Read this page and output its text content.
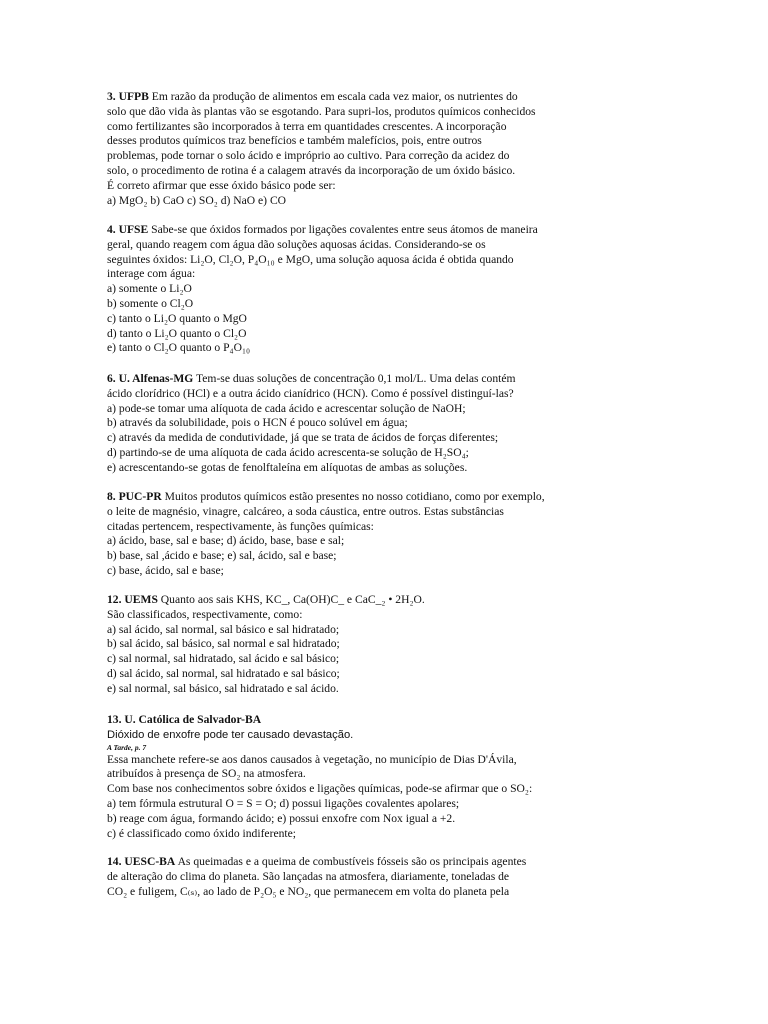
3. UFPB Em razão da produção de alimentos em escala cada vez maior, os nutrientes do

solo que dão vida às plantas vão se esgotando. Para supri-los, produtos químicos conhecidos

como fertilizantes são incorporados à terra em quantidades crescentes. A incorporação

desses produtos químicos traz benefícios e também malefícios, pois, entre outros

problemas, pode tornar o solo ácido e impróprio ao cultivo. Para correção da acidez do

solo, o procedimento de rotina é a calagem através da incorporação de um óxido básico.

É correto afirmar que esse óxido básico pode ser:

a) MgO₂ b) CaO c) SO₂ d) NaO e) CO

4. UFSE Sabe-se que óxidos formados por ligações covalentes entre seus átomos de maneira

geral, quando reagem com água dão soluções aquosas ácidas. Considerando-se os

seguintes óxidos: Li₂O, Cl₂O, P₄O₁₀ e MgO, uma solução aquosa ácida é obtida quando

interage com água:

a) somente o Li₂O

b) somente o Cl₂O

c) tanto o Li₂O quanto o MgO

d) tanto o Li₂O quanto o Cl₂O

e) tanto o Cl₂O quanto o P₄O₁₀

6. U. Alfenas-MG Tem-se duas soluções de concentração 0,1 mol/L. Uma delas contém

ácido clorídrico (HCl) e a outra ácido cianídrico (HCN). Como é possível distinguí-las?

a) pode-se tomar uma alíquota de cada ácido e acrescentar solução de NaOH;

b) através da solubilidade, pois o HCN é pouco solúvel em água;

c) através da medida de condutividade, já que se trata de ácidos de forças diferentes;

d) partindo-se de uma alíquota de cada ácido acrescenta-se solução de H₂SO₄;

e) acrescentando-se gotas de fenolftaleína em alíquotas de ambas as soluções.

8. PUC-PR Muitos produtos químicos estão presentes no nosso cotidiano, como por exemplo,

o leite de magnésio, vinagre, calcáreo, a soda cáustica, entre outros. Estas substâncias

citadas pertencem, respectivamente, às funções químicas:

a) ácido, base, sal e base; d) ácido, base, base e sal;

b) base, sal ,ácido e base; e) sal, ácido, sal e base;

c) base, ácido, sal e base;

12. UEMS Quanto aos sais KHS, KC_, Ca(OH)C_ e CaC_₂ • 2H₂O.

São classificados, respectivamente, como:

a) sal ácido, sal normal, sal básico e sal hidratado;

b) sal ácido, sal básico, sal normal e sal hidratado;

c) sal normal, sal hidratado, sal ácido e sal básico;

d) sal ácido, sal normal, sal hidratado e sal básico;

e) sal normal, sal básico, sal hidratado e sal ácido.

13. U. Católica de Salvador-BA

Dióxido de enxofre pode ter causado devastação.

A Tarde, p. 7

Essa manchete refere-se aos danos causados à vegetação, no município de Dias D'Ávila,

atribuídos à presença de SO₂ na atmosfera.

Com base nos conhecimentos sobre óxidos e ligações químicas, pode-se afirmar que o SO₂:

a) tem fórmula estrutural O = S = O; d) possui ligações covalentes apolares;

b) reage com água, formando ácido; e) possui enxofre com Nox igual a +2.

c) é classificado como óxido indiferente;

14. UESC-BA As queimadas e a queima de combustíveis fósseis são os principais agentes

de alteração do clima do planeta. São lançadas na atmosfera, diariamente, toneladas de

CO₂ e fuligem, C₍ₛ₎, ao lado de P₂O₅ e NO₂, que permanecem em volta do planeta pela
